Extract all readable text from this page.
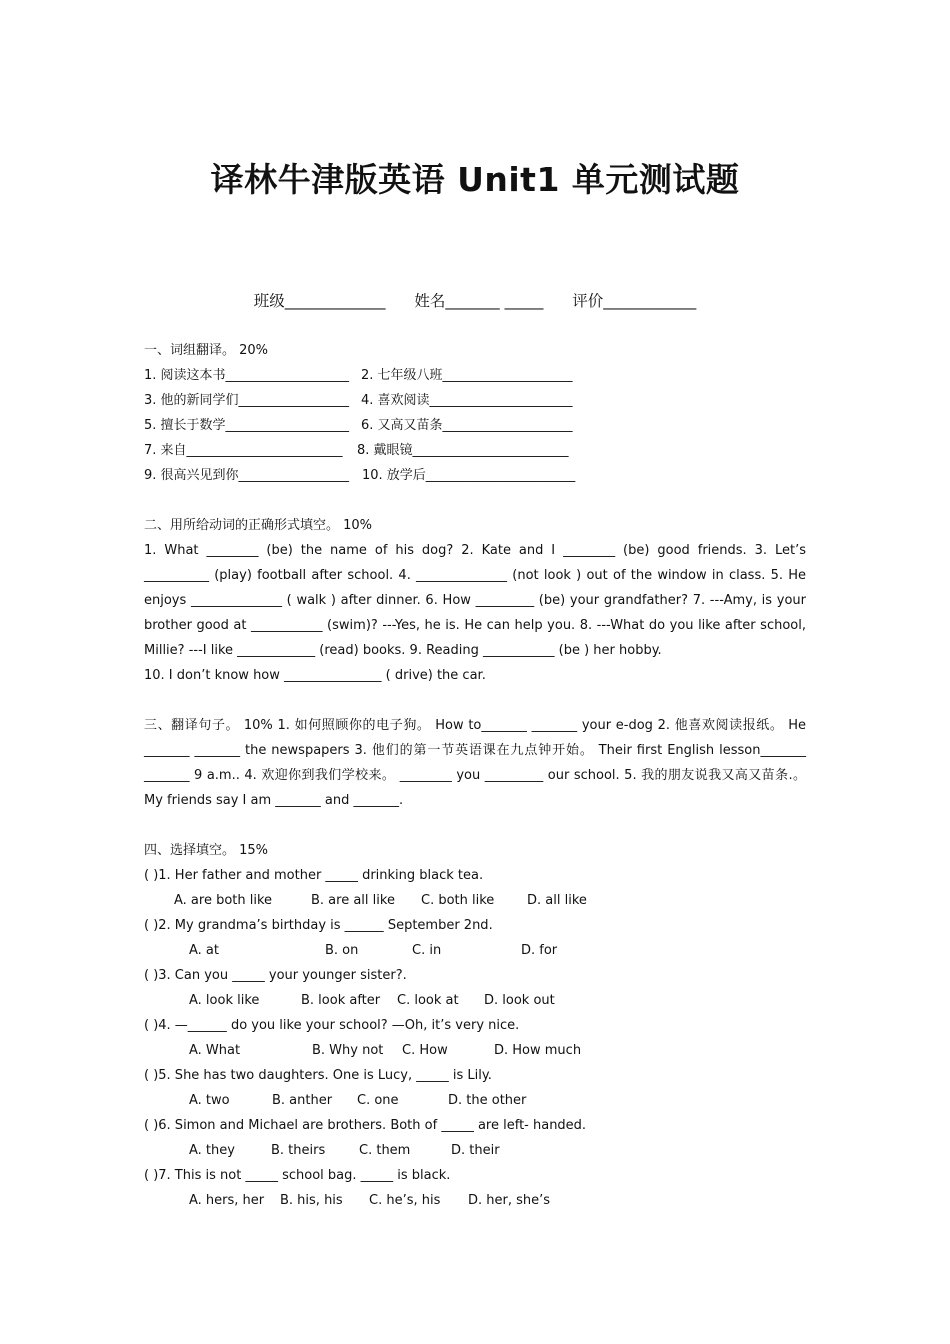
译林牛津版英语 Unit1 单元测试题
班级_____________ 姓名_______ _____ 评价____________
一、词组翻译。 20%
1. 阅读这本书___________________ 2. 七年级八班____________________
3. 他的新同学们_________________ 4. 喜欢阅读______________________
5. 擅长于数学___________________ 6. 又高又苗条____________________
7. 来自________________________ 8. 戴眼镜________________________
9. 很高兴见到你_________________ 10. 放学后_______________________
二、用所给动词的正确形式填空。 10%

1. What ________ (be) the name of his dog? 2. Kate and I ________ (be) good friends. 3. Let’s __________ (play) football after school. 4. ______________ (not look ) out of the window in class. 5. He enjoys ______________ ( walk ) after dinner. 6. How _________ (be) your grandfather? 7. ---Amy, is your brother good at ___________ (swim)? ---Yes, he is. He can help you. 8. ---What do you like after school, Millie? ---I like ____________ (read) books. 9. Reading ___________ (be ) her hobby.

10. I don’t know how _______________ ( drive) the car.

三、翻译句子。 10% 1. 如何照顾你的电子狗。 How to_______ _______ your e-dog 2. 他喜欢阅读报纸。 He _______ _______ the newspapers 3. 他们的第一节英语课在九点钟开始。 Their first English lesson_______ _______ 9 a.m.. 4. 欢迎你到我们学校来。 ________ you _________ our school. 5. 我的朋友说我又高又苗条.。 My friends say I am _______ and _______.

四、选择填空。 15%
( )1. Her father and mother _____ drinking black tea.
A. are both like	B. are all like C. both like	D. all like
( )2. My grandma’s birthday is ______ September 2nd.
A. at	B. on	C. in	D. for
( )3. Can you _____ your younger sister?.
A. look like	B. look after C. look at D. look out
( )4. —______ do you like your school? —Oh, it’s very nice.
A. What	B. Why not C. How	D. How much
( )5. She has two daughters. One is Lucy, _____ is Lily.
A. two	B. anther C. one	D. the other
( )6. Simon and Michael are brothers. Both of _____ are left- handed.
A. they	B. theirs	C. them	D. their
( )7. This is not _____ school bag. _____ is black.
A. hers, her B. his, his C. he’s, his D. her, she’s
